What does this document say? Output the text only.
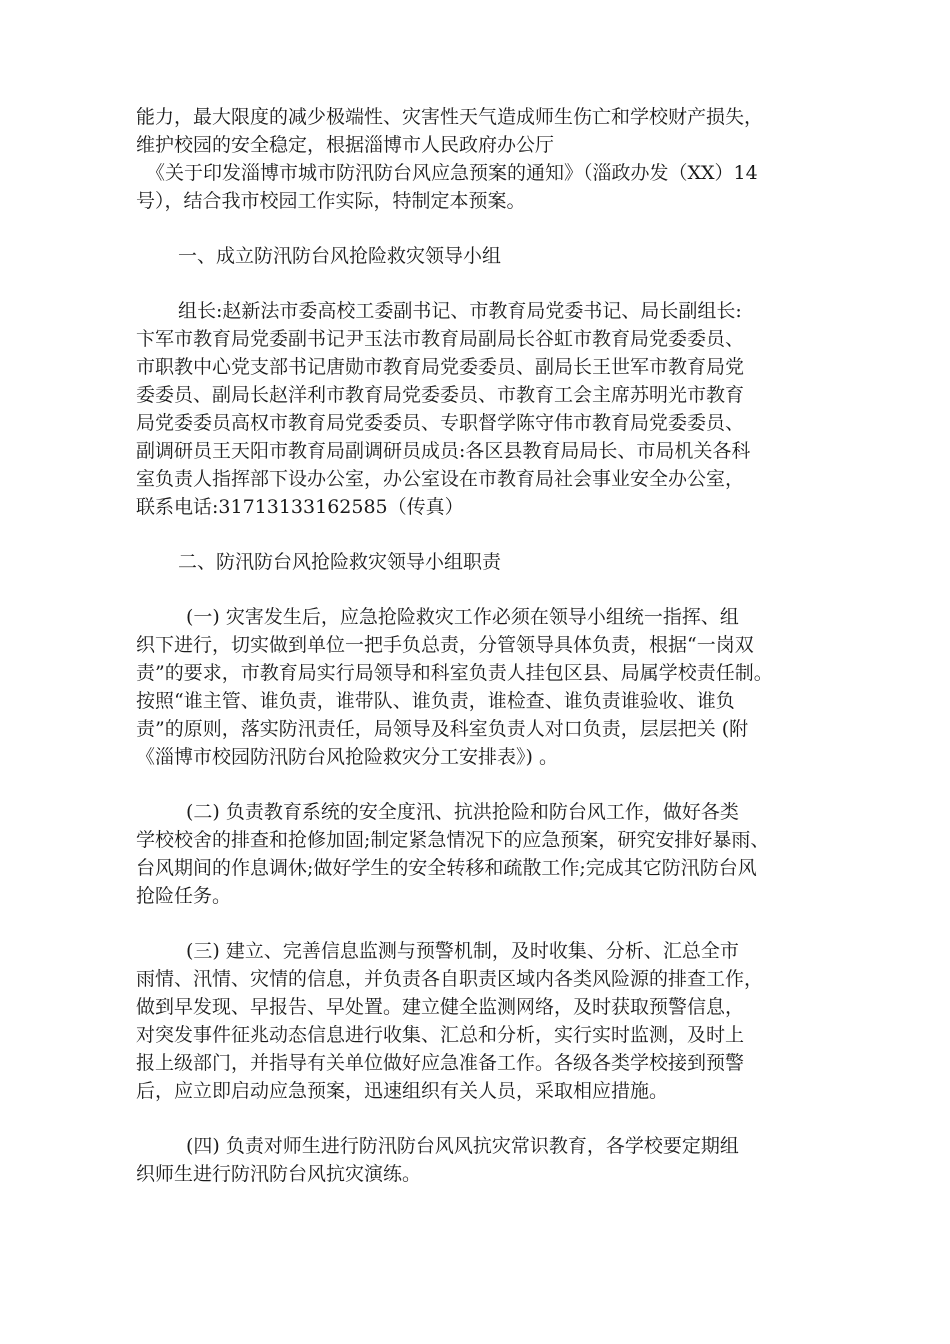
能力，最大限度的减少极端性、灾害性天气造成师生伤亡和学校财产损失，
维护校园的安全稳定，根据淄博市人民政府办公厅
《关于印发淄博市城市防汛防台风应急预案的通知》（淄政办发（XX）14
号），结合我市校园工作实际，特制定本预案。
一、成立防汛防台风抢险救灾领导小组
组长:赵新法市委高校工委副书记、市教育局党委书记、局长副组长:
卞军市教育局党委副书记尹玉法市教育局副局长谷虹市教育局党委委员、
市职教中心党支部书记唐勋市教育局党委委员、副局长王世军市教育局党
委委员、副局长赵洋利市教育局党委委员、市教育工会主席苏明光市教育
局党委委员高权市教育局党委委员、专职督学陈守伟市教育局党委委员、
副调研员王天阳市教育局副调研员成员:各区县教育局局长、市局机关各科
室负责人指挥部下设办公室，办公室设在市教育局社会事业安全办公室，
联系电话:31713133162585（传真）
二、防汛防台风抢险救灾领导小组职责
(一) 灾害发生后，应急抢险救灾工作必须在领导小组统一指挥、组
织下进行，切实做到单位一把手负总责，分管领导具体负责，根据“一岗双
责”的要求，市教育局实行局领导和科室负责人挂包区县、局属学校责任制。
按照“谁主管、谁负责，谁带队、谁负责，谁检查、谁负责谁验收、谁负
责”的原则，落实防汛责任，局领导及科室负责人对口负责，层层把关 (附
《淄博市校园防汛防台风抢险救灾分工安排表》) 。
(二) 负责教育系统的安全度汛、抗洪抢险和防台风工作，做好各类
学校校舍的排查和抢修加固;制定紧急情况下的应急预案，研究安排好暴雨、
台风期间的作息调休;做好学生的安全转移和疏散工作;完成其它防汛防台风
抢险任务。
(三) 建立、完善信息监测与预警机制，及时收集、分析、汇总全市
雨情、汛情、灾情的信息，并负责各自职责区域内各类风险源的排查工作，
做到早发现、早报告、早处置。建立健全监测网络，及时获取预警信息，
对突发事件征兆动态信息进行收集、汇总和分析，实行实时监测，及时上
报上级部门，并指导有关单位做好应急准备工作。各级各类学校接到预警
后，应立即启动应急预案，迅速组织有关人员，采取相应措施。
(四) 负责对师生进行防汛防台风风抗灾常识教育，各学校要定期组
织师生进行防汛防台风抗灾演练。
